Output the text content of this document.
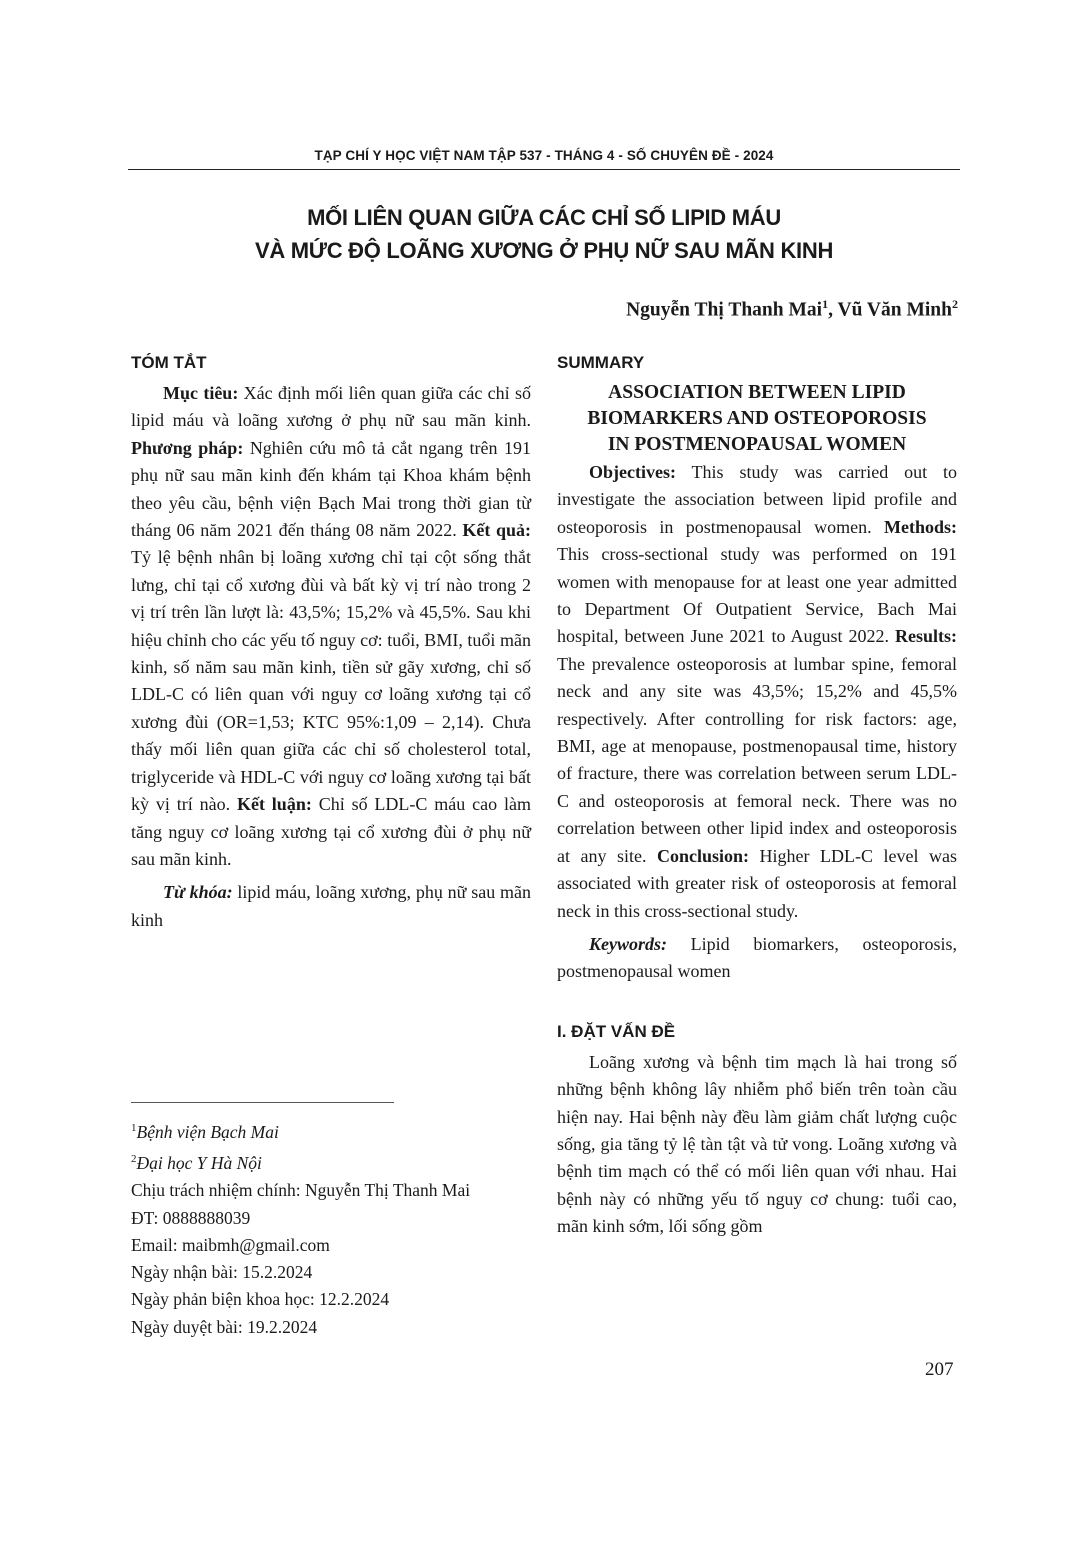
TẠP CHÍ Y HỌC VIỆT NAM TẬP 537 - THÁNG 4 - SỐ CHUYÊN ĐỀ - 2024
MỐI LIÊN QUAN GIỮA CÁC CHỈ SỐ LIPID MÁU
VÀ MỨC ĐỘ LOÃNG XƯƠNG Ở PHỤ NỮ SAU MÃN KINH
Nguyễn Thị Thanh Mai$^1$, Vũ Văn Minh$^2$
TÓM TẮT

Mục tiêu: Xác định mối liên quan giữa các chỉ số lipid máu và loãng xương ở phụ nữ sau mãn kinh. Phương pháp: Nghiên cứu mô tả cắt ngang trên 191 phụ nữ sau mãn kinh đến khám tại Khoa khám bệnh theo yêu cầu, bệnh viện Bạch Mai trong thời gian từ tháng 06 năm 2021 đến tháng 08 năm 2022. Kết quả: Tỷ lệ bệnh nhân bị loãng xương chỉ tại cột sống thắt lưng, chỉ tại cổ xương đùi và bất kỳ vị trí nào trong 2 vị trí trên lần lượt là: 43,5%; 15,2% và 45,5%. Sau khi hiệu chỉnh cho các yếu tố nguy cơ: tuổi, BMI, tuổi mãn kinh, số năm sau mãn kinh, tiền sử gãy xương, chỉ số LDL-C có liên quan với nguy cơ loãng xương tại cổ xương đùi (OR=1,53; KTC 95%:1,09 – 2,14). Chưa thấy mối liên quan giữa các chỉ số cholesterol total, triglyceride và HDL-C với nguy cơ loãng xương tại bất kỳ vị trí nào. Kết luận: Chỉ số LDL-C máu cao làm tăng nguy cơ loãng xương tại cổ xương đùi ở phụ nữ sau mãn kinh.

Từ khóa: lipid máu, loãng xương, phụ nữ sau mãn kinh

SUMMARY
ASSOCIATION BETWEEN LIPID
BIOMARKERS AND OSTEOPOROSIS
IN POSTMENOPAUSAL WOMEN

Objectives: This study was carried out to investigate the association between lipid profile and osteoporosis in postmenopausal women. Methods: This cross-sectional study was performed on 191 women with menopause for at least one year admitted to Department Of Outpatient Service, Bach Mai hospital, between June 2021 to August 2022. Results: The prevalence osteoporosis at lumbar spine, femoral neck and any site was 43,5%; 15,2% and 45,5% respectively. After controlling for risk factors: age, BMI, age at menopause, postmenopausal time, history of fracture, there was correlation between serum LDL-C and osteoporosis at femoral neck. There was no correlation between other lipid index and osteoporosis at any site. Conclusion: Higher LDL-C level was associated with greater risk of osteoporosis at femoral neck in this cross-sectional study.

Keywords: Lipid biomarkers, osteoporosis, postmenopausal women

I. ĐẶT VẤN ĐỀ

Loãng xương và bệnh tim mạch là hai trong số những bệnh không lây nhiễm phổ biến trên toàn cầu hiện nay. Hai bệnh này đều làm giảm chất lượng cuộc sống, gia tăng tỷ lệ tàn tật và tử vong. Loãng xương và bệnh tim mạch có thể có mối liên quan với nhau. Hai bệnh này có những yếu tố nguy cơ chung: tuổi cao, mãn kinh sớm, lối sống gồm

$^1$Bệnh viện Bạch Mai
$^2$Đại học Y Hà Nội
Chịu trách nhiệm chính: Nguyễn Thị Thanh Mai
ĐT: 0888888039
Email: maibmh@gmail.com
Ngày nhận bài: 15.2.2024
Ngày phản biện khoa học: 12.2.2024
Ngày duyệt bài: 19.2.2024
207
